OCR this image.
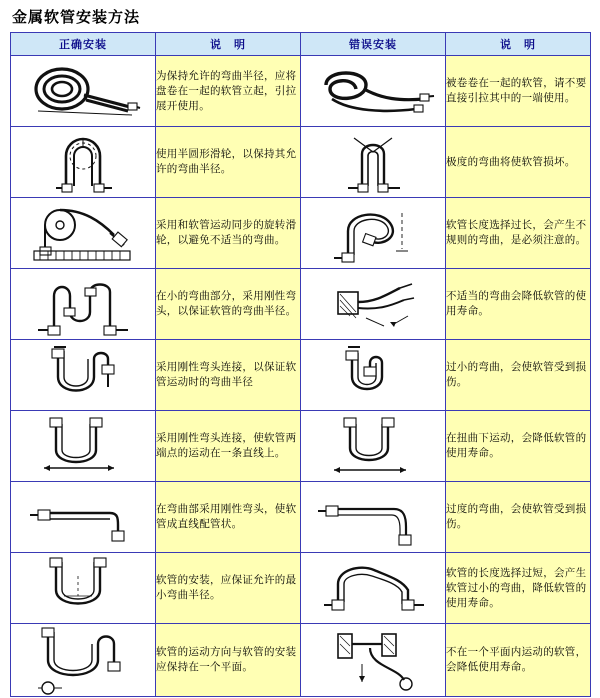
金属软管安装方法
正确安装	说　明	错误安装	说　明

	为保持允许的弯曲半径，应将盘卷在一起的软管立起，引拉展开使用。		被卷卷在一起的软管，请不要直接引拉其中的一端使用。

	使用半圆形滑轮，以保持其允许的弯曲半径。		极度的弯曲将使软管损坏。

	采用和软管运动同步的旋转滑轮，以避免不适当的弯曲。		软管长度选择过长，会产生不规则的弯曲，是必须注意的。

	在小的弯曲部分，采用刚性弯头，以保证软管的弯曲半径。		不适当的弯曲会降低软管的使用寿命。

	采用刚性弯头连接，以保证软管运动时的弯曲半径		过小的弯曲，会使软管受到损伤。

	采用刚性弯头连接，使软管两端点的运动在一条直线上。		在扭曲下运动，会降低软管的使用寿命。

	在弯曲部采用刚性弯头，使软管成直线配管状。		过度的弯曲，会使软管受到损伤。

	软管的安装，应保证允许的最小弯曲半径。		软管的长度选择过短，会产生软管过小的弯曲，降低软管的使用寿命。

	软管的运动方向与软管的安装应保持在一个平面。		不在一个平面内运动的软管，会降低使用寿命。
